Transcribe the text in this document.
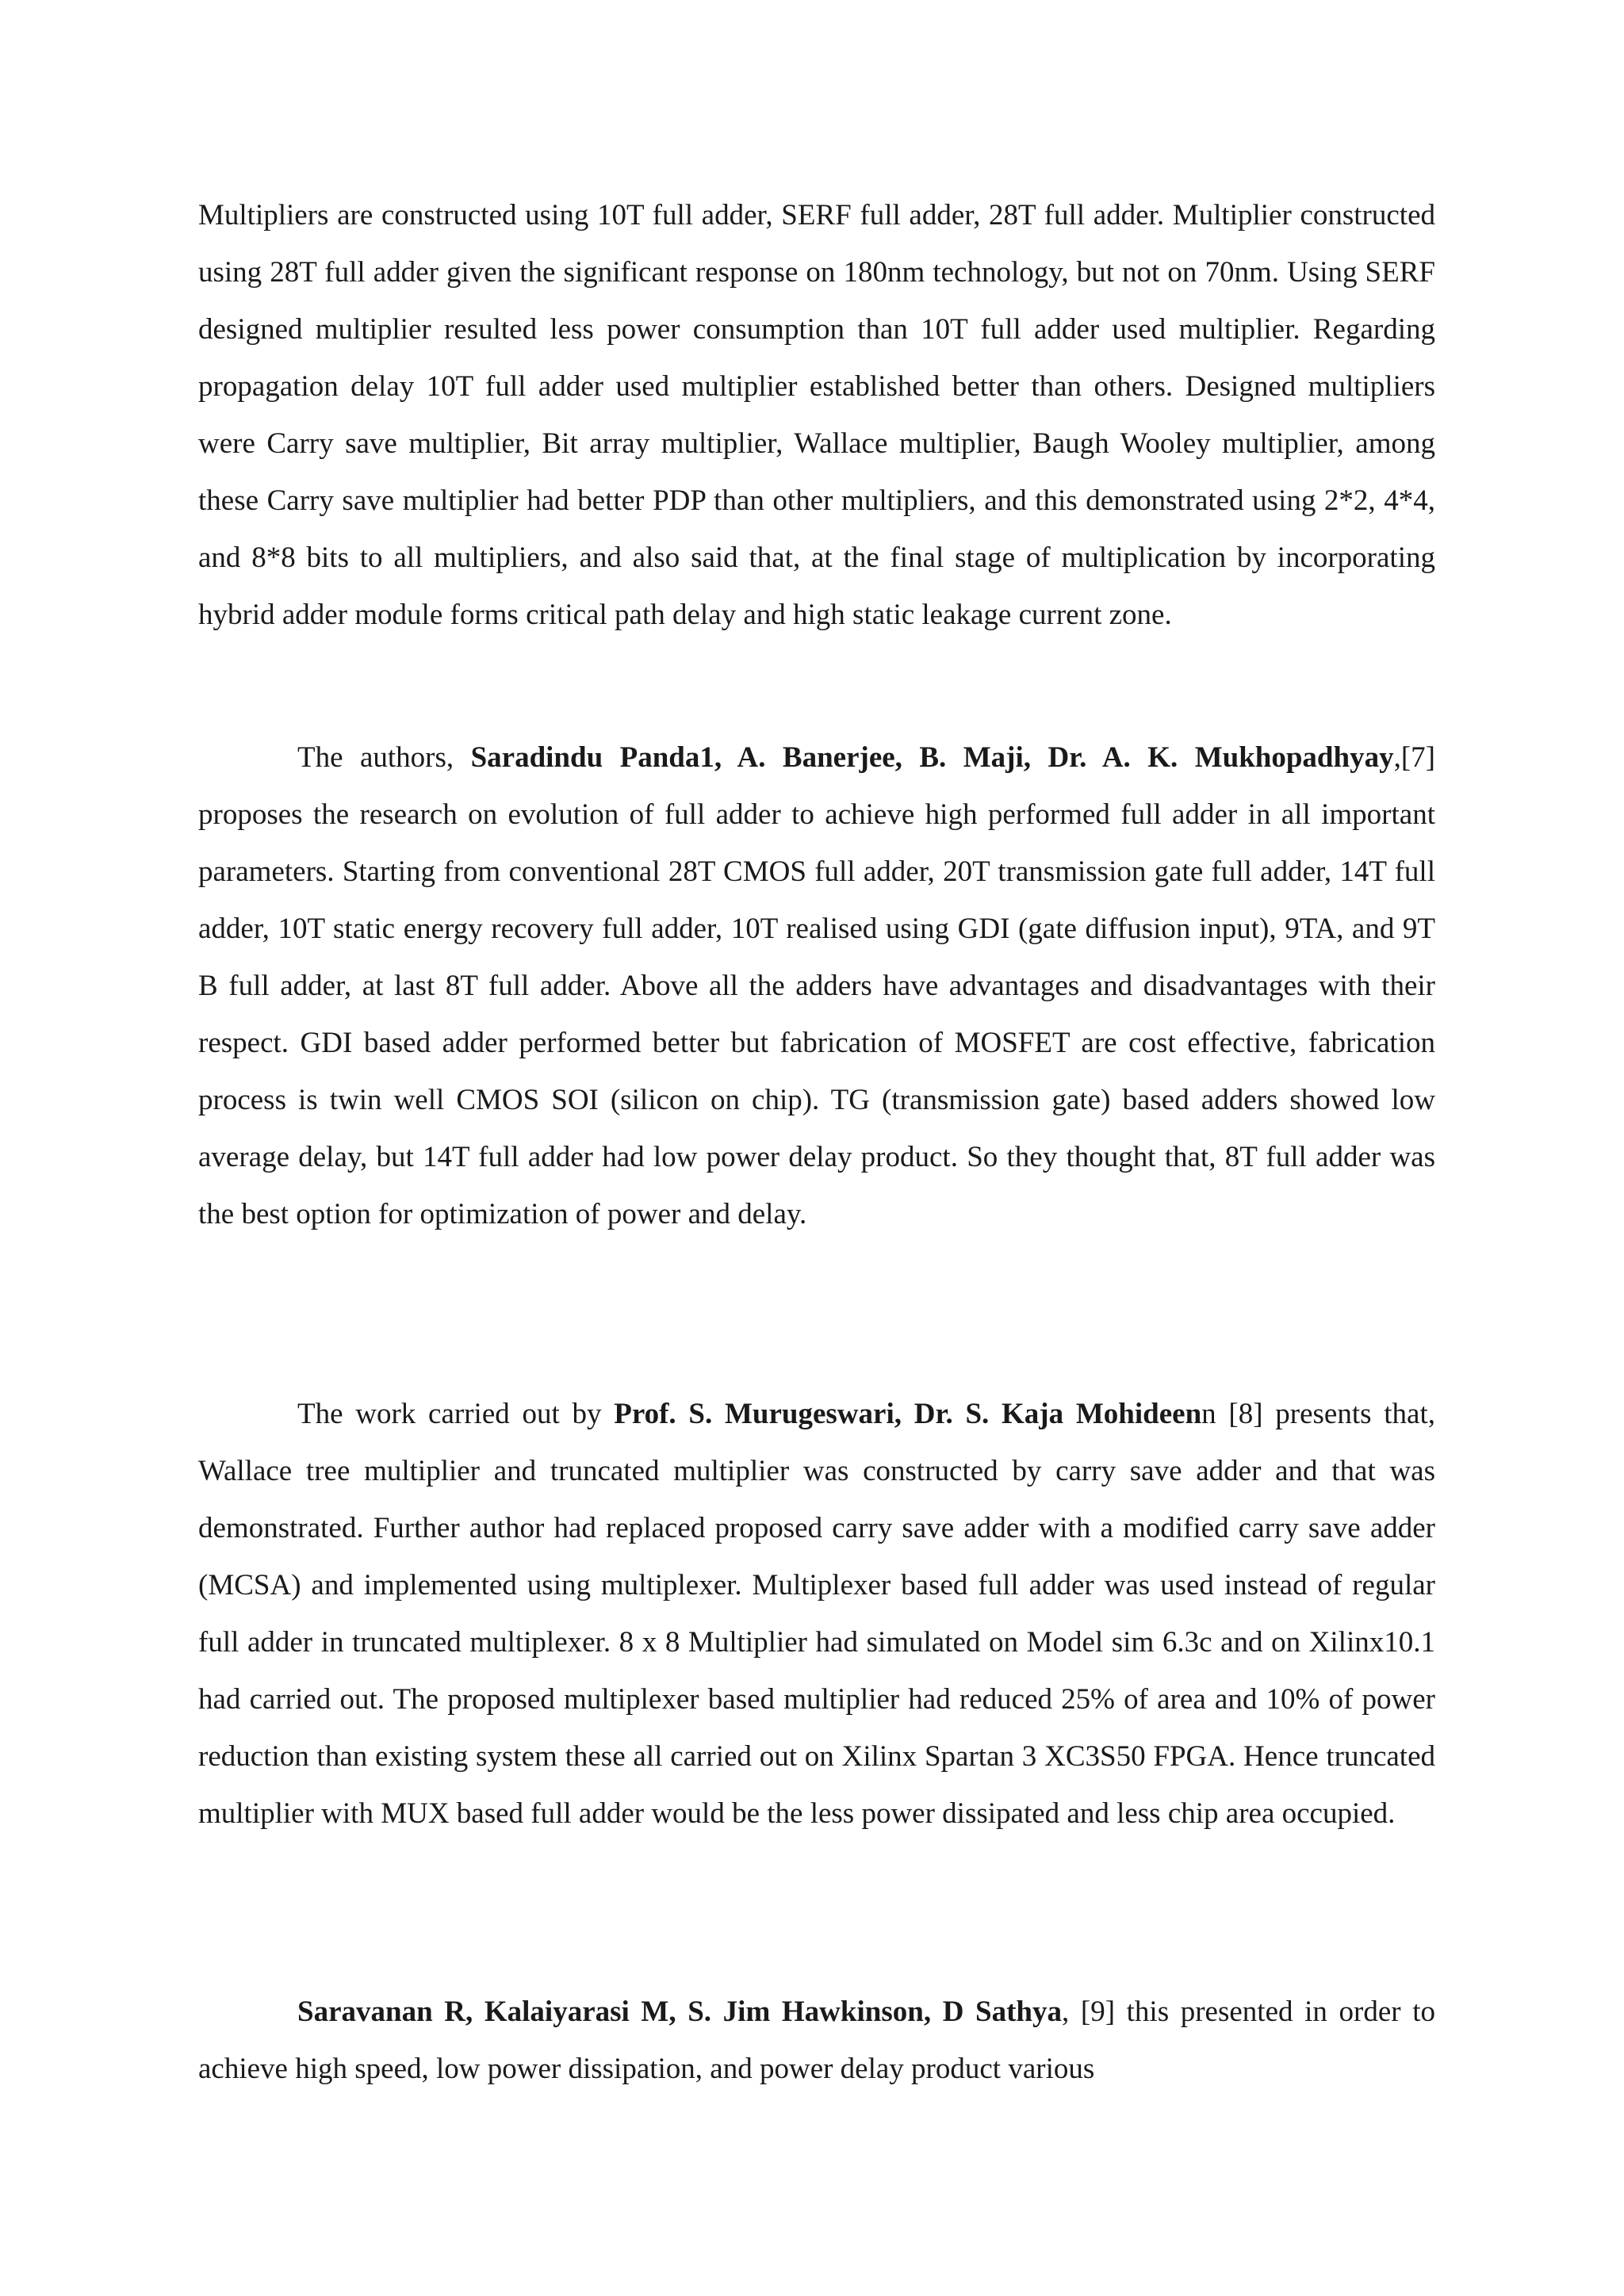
Multipliers are constructed using 10T full adder, SERF full adder, 28T full adder. Multiplier constructed using 28T full adder given the significant response on 180nm technology, but not on 70nm. Using SERF designed multiplier resulted less power consumption than 10T full adder used multiplier. Regarding propagation delay 10T full adder used multiplier established better than others. Designed multipliers were Carry save multiplier, Bit array multiplier, Wallace multiplier, Baugh Wooley multiplier, among these Carry save multiplier had better PDP than other multipliers, and this demonstrated using 2*2, 4*4, and 8*8 bits to all multipliers, and also said that, at the final stage of multiplication by incorporating hybrid adder module forms critical path delay and high static leakage current zone.

The authors, Saradindu Panda1, A. Banerjee, B. Maji, Dr. A. K. Mukhopadhyay,[7] proposes the research on evolution of full adder to achieve high performed full adder in all important parameters. Starting from conventional 28T CMOS full adder, 20T transmission gate full adder, 14T full adder, 10T static energy recovery full adder, 10T realised using GDI (gate diffusion input), 9TA, and 9T B full adder, at last 8T full adder. Above all the adders have advantages and disadvantages with their respect. GDI based adder performed better but fabrication of MOSFET are cost effective, fabrication process is twin well CMOS SOI (silicon on chip). TG (transmission gate) based adders showed low average delay, but 14T full adder had low power delay product. So they thought that, 8T full adder was the best option for optimization of power and delay.

The work carried out by Prof. S. Murugeswari, Dr. S. Kaja Mohideenn [8] presents that, Wallace tree multiplier and truncated multiplier was constructed by carry save adder and that was demonstrated. Further author had replaced proposed carry save adder with a modified carry save adder (MCSA) and implemented using multiplexer. Multiplexer based full adder was used instead of regular full adder in truncated multiplexer. 8 x 8 Multiplier had simulated on Model sim 6.3c and on Xilinx10.1 had carried out. The proposed multiplexer based multiplier had reduced 25% of area and 10% of power reduction than existing system these all carried out on Xilinx Spartan 3 XC3S50 FPGA. Hence truncated multiplier with MUX based full adder would be the less power dissipated and less chip area occupied.

Saravanan R, Kalaiyarasi M, S. Jim Hawkinson, D Sathya, [9] this presented in order to achieve high speed, low power dissipation, and power delay product various
